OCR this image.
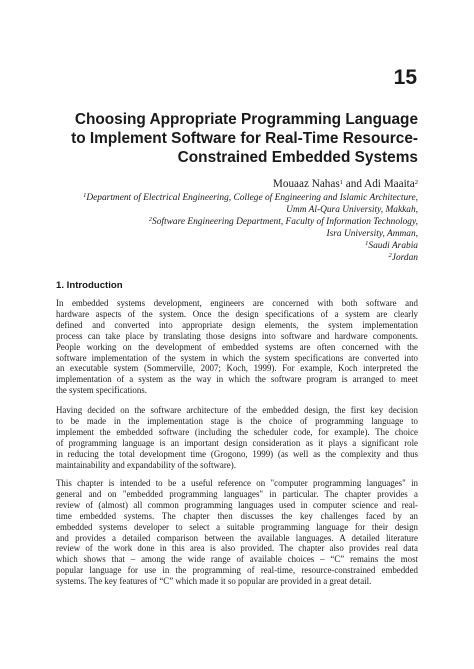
15
Choosing Appropriate Programming Language
to Implement Software for Real-Time Resource-
Constrained Embedded Systems
Mouaaz Nahas$^1$ and Adi Maaita$^2$
$^1$Department of Electrical Engineering, College of Engineering and Islamic Architecture,
Umm Al-Qura University, Makkah,
$^2$Software Engineering Department, Faculty of Information Technology,
Isra University, Amman,
$^1$Saudi Arabia
$^2$Jordan
1. Introduction
In embedded systems development, engineers are concerned with both software and
hardware aspects of the system. Once the design specifications of a system are clearly
defined and converted into appropriate design elements, the system implementation
process can take place by translating those designs into software and hardware components.
People working on the development of embedded systems are often concerned with the
software implementation of the system in which the system specifications are converted into
an executable system (Sommerville, 2007; Koch, 1999). For example, Koch interpreted the
implementation of a system as the way in which the software program is arranged to meet
the system specifications.
Having decided on the software architecture of the embedded design, the first key decision
to be made in the implementation stage is the choice of programming language to
implement the embedded software (including the scheduler code, for example). The choice
of programming language is an important design consideration as it plays a significant role
in reducing the total development time (Grogono, 1999) (as well as the complexity and thus
maintainability and expandability of the software).
This chapter is intended to be a useful reference on "computer programming languages" in
general and on "embedded programming languages" in particular. The chapter provides a
review of (almost) all common programming languages used in computer science and real-
time embedded systems. The chapter then discusses the key challenges faced by an
embedded systems developer to select a suitable programming language for their design
and provides a detailed comparison between the available languages. A detailed literature
review of the work done in this area is also provided. The chapter also provides real data
which shows that – among the wide range of available choices – “C” remains the most
popular language for use in the programming of real-time, resource-constrained embedded
systems. The key features of “C” which made it so popular are provided in a great detail.
